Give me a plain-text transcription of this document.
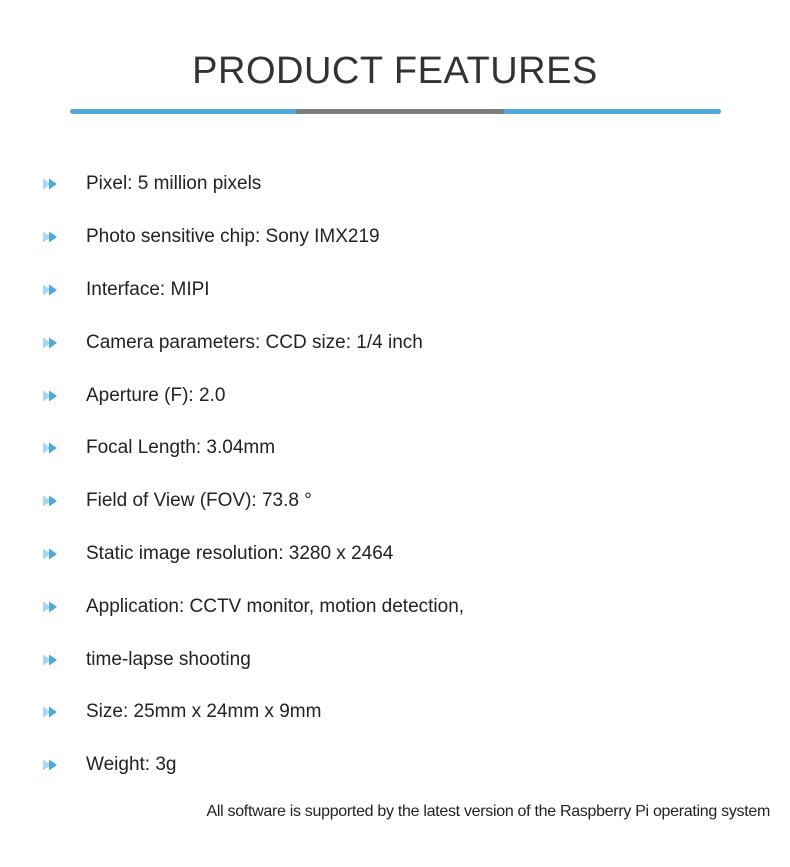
PRODUCT FEATURES
Pixel: 5 million pixels
Photo sensitive chip: Sony IMX219
Interface: MIPI
Camera parameters: CCD size: 1/4 inch
Aperture (F): 2.0
Focal Length: 3.04mm
Field of View (FOV): 73.8 °
Static image resolution: 3280 x 2464
Application: CCTV monitor, motion detection,
time-lapse shooting
Size: 25mm x 24mm x 9mm
Weight: 3g
All software is supported by the latest version of the Raspberry Pi operating system
